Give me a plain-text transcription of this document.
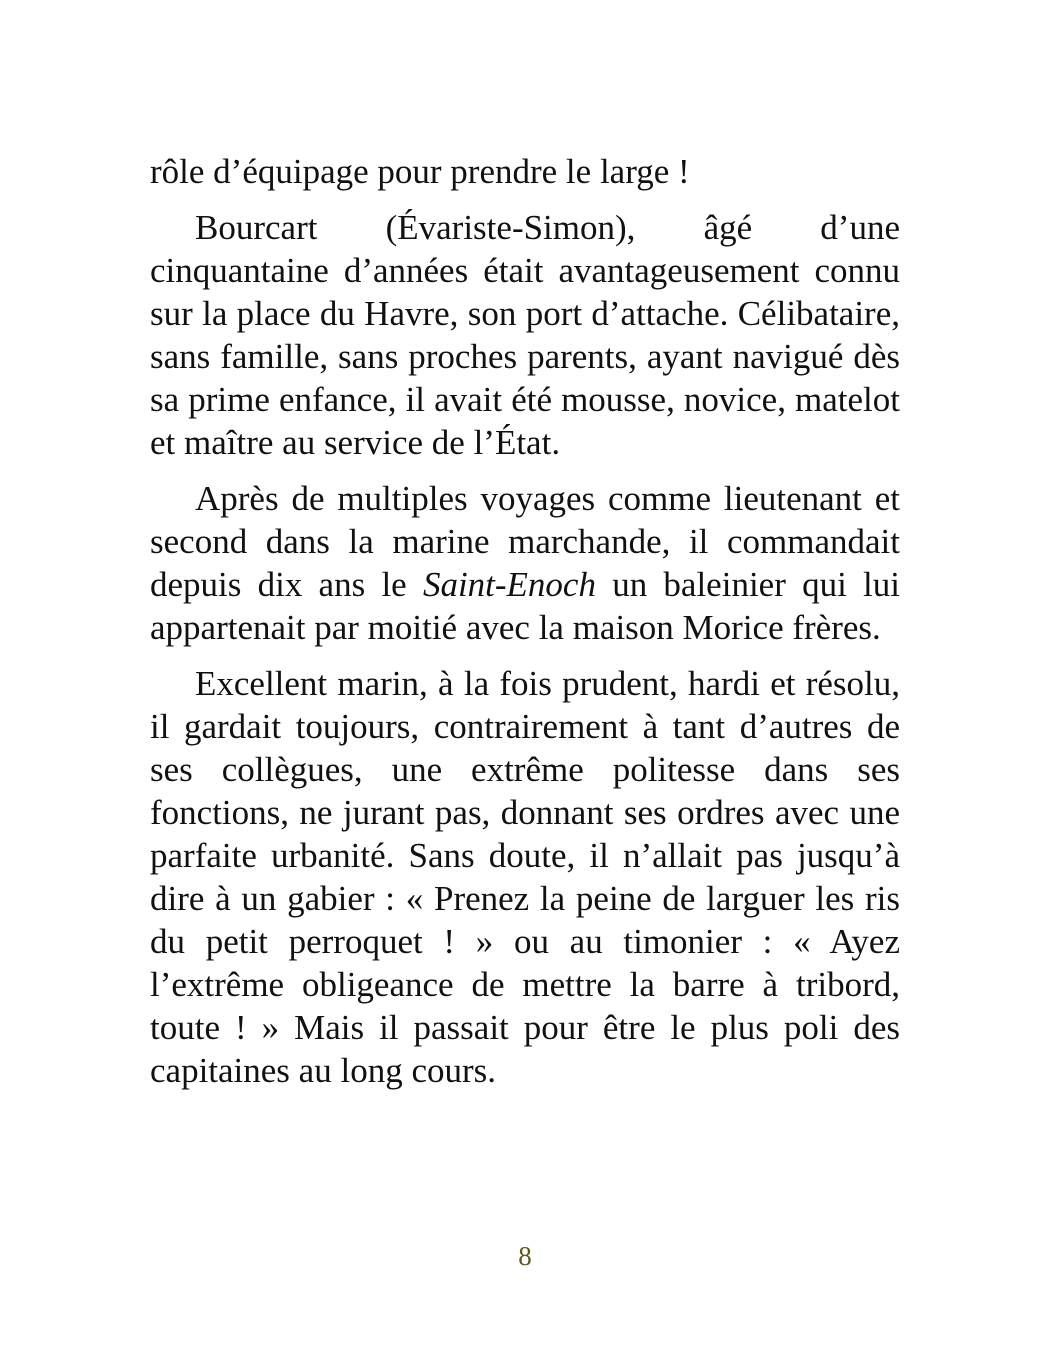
rôle d’équipage pour prendre le large !

Bourcart (Évariste-Simon), âgé d’une cinquantaine d’années était avantageusement connu sur la place du Havre, son port d’attache. Célibataire, sans famille, sans proches parents, ayant navigué dès sa prime enfance, il avait été mousse, novice, matelot et maître au service de l’État.

Après de multiples voyages comme lieutenant et second dans la marine marchande, il commandait depuis dix ans le Saint-Enoch un baleinier qui lui appartenait par moitié avec la maison Morice frères.

Excellent marin, à la fois prudent, hardi et résolu, il gardait toujours, contrairement à tant d’autres de ses collègues, une extrême politesse dans ses fonctions, ne jurant pas, donnant ses ordres avec une parfaite urbanité. Sans doute, il n’allait pas jusqu’à dire à un gabier : « Prenez la peine de larguer les ris du petit perroquet ! » ou au timonier : « Ayez l’extrême obligeance de mettre la barre à tribord, toute ! » Mais il passait pour être le plus poli des capitaines au long cours.

8
